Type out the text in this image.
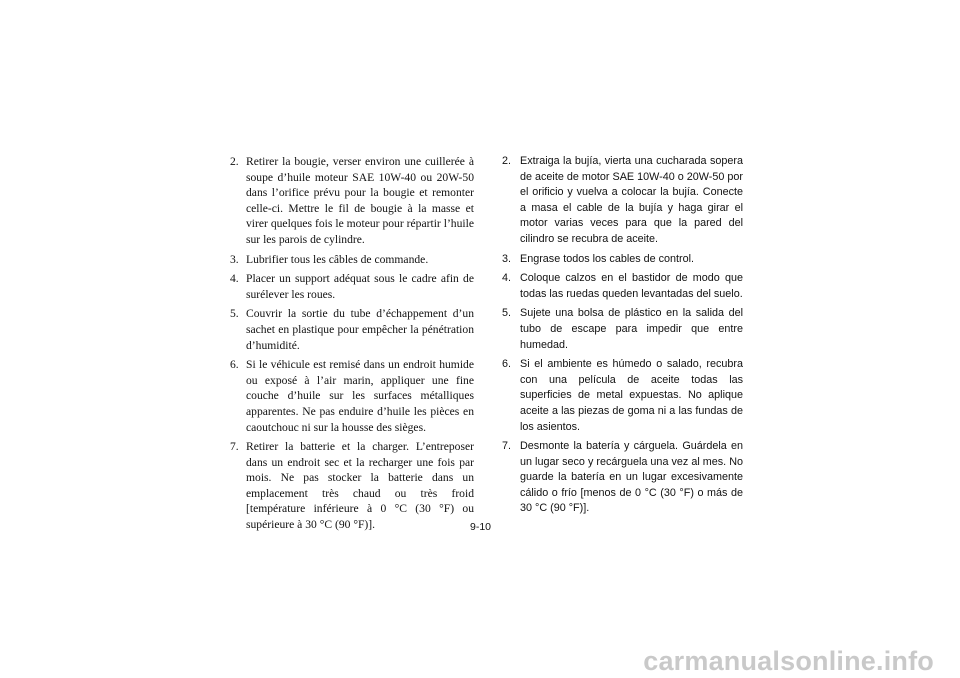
2. Retirer la bougie, verser environ une cuillerée à soupe d’huile moteur SAE 10W-40 ou 20W-50 dans l’orifice prévu pour la bougie et remonter celle-ci. Mettre le fil de bougie à la masse et virer quelques fois le moteur pour répartir l’huile sur les parois de cylindre.
3. Lubrifier tous les câbles de commande.
4. Placer un support adéquat sous le cadre afin de surélever les roues.
5. Couvrir la sortie du tube d’échappement d’un sachet en plastique pour empêcher la pénétration d’humidité.
6. Si le véhicule est remisé dans un endroit humide ou exposé à l’air marin, appliquer une fine couche d’huile sur les surfaces métalliques apparentes. Ne pas enduire d’huile les pièces en caoutchouc ni sur la housse des sièges.
7. Retirer la batterie et la charger. L’entreposer dans un endroit sec et la recharger une fois par mois. Ne pas stocker la batterie dans un emplacement très chaud ou très froid [température inférieure à 0 °C (30 °F) ou supérieure à 30 °C (90 °F)].
2. Extraiga la bujía, vierta una cucharada sopera de aceite de motor SAE 10W-40 o 20W-50 por el orificio y vuelva a colocar la bujía. Conecte a masa el cable de la bujía y haga girar el motor varias veces para que la pared del cilindro se recubra de aceite.
3. Engrase todos los cables de control.
4. Coloque calzos en el bastidor de modo que todas las ruedas queden levantadas del suelo.
5. Sujete una bolsa de plástico en la salida del tubo de escape para impedir que entre humedad.
6. Si el ambiente es húmedo o salado, recubra con una película de aceite todas las superficies de metal expuestas. No aplique aceite a las piezas de goma ni a las fundas de los asientos.
7. Desmonte la batería y cárguela. Guárdela en un lugar seco y recárguela una vez al mes. No guarde la batería en un lugar excesivamente cálido o frío [menos de 0 °C (30 °F) o más de 30 °C (90 °F)].
9-10
carmanualsonline.info
